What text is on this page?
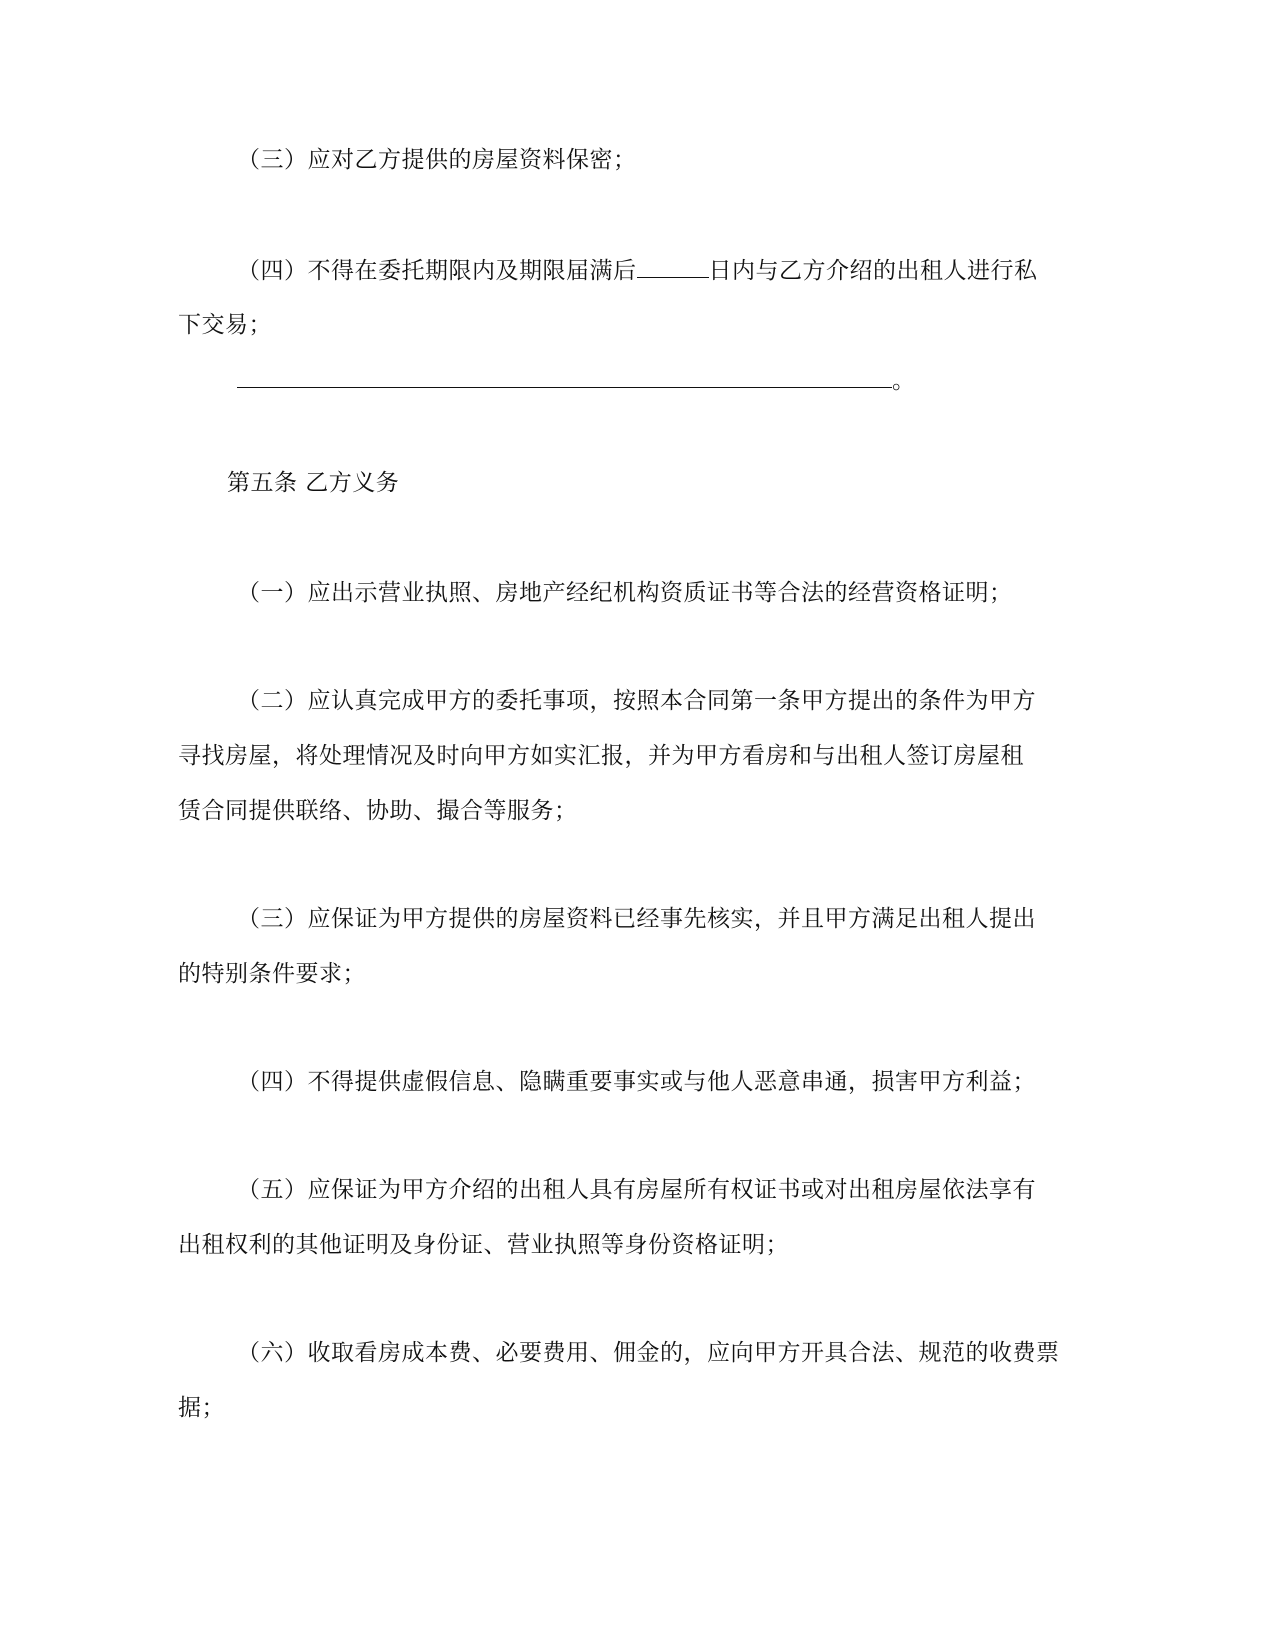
（三）应对乙方提供的房屋资料保密；
（四）不得在委托期限内及期限届满后	日内与乙方介绍的出租人进行私
下交易；
。
第五条 乙方义务
（一）应出示营业执照、房地产经纪机构资质证书等合法的经营资格证明；
（二）应认真完成甲方的委托事项，按照本合同第一条甲方提出的条件为甲方
寻找房屋，将处理情况及时向甲方如实汇报，并为甲方看房和与出租人签订房屋租
赁合同提供联络、协助、撮合等服务；
（三）应保证为甲方提供的房屋资料已经事先核实，并且甲方满足出租人提出
的特别条件要求；
（四）不得提供虚假信息、隐瞒重要事实或与他人恶意串通，损害甲方利益；
（五）应保证为甲方介绍的出租人具有房屋所有权证书或对出租房屋依法享有
出租权利的其他证明及身份证、营业执照等身份资格证明；
（六）收取看房成本费、必要费用、佣金的，应向甲方开具合法、规范的收费票
据；
